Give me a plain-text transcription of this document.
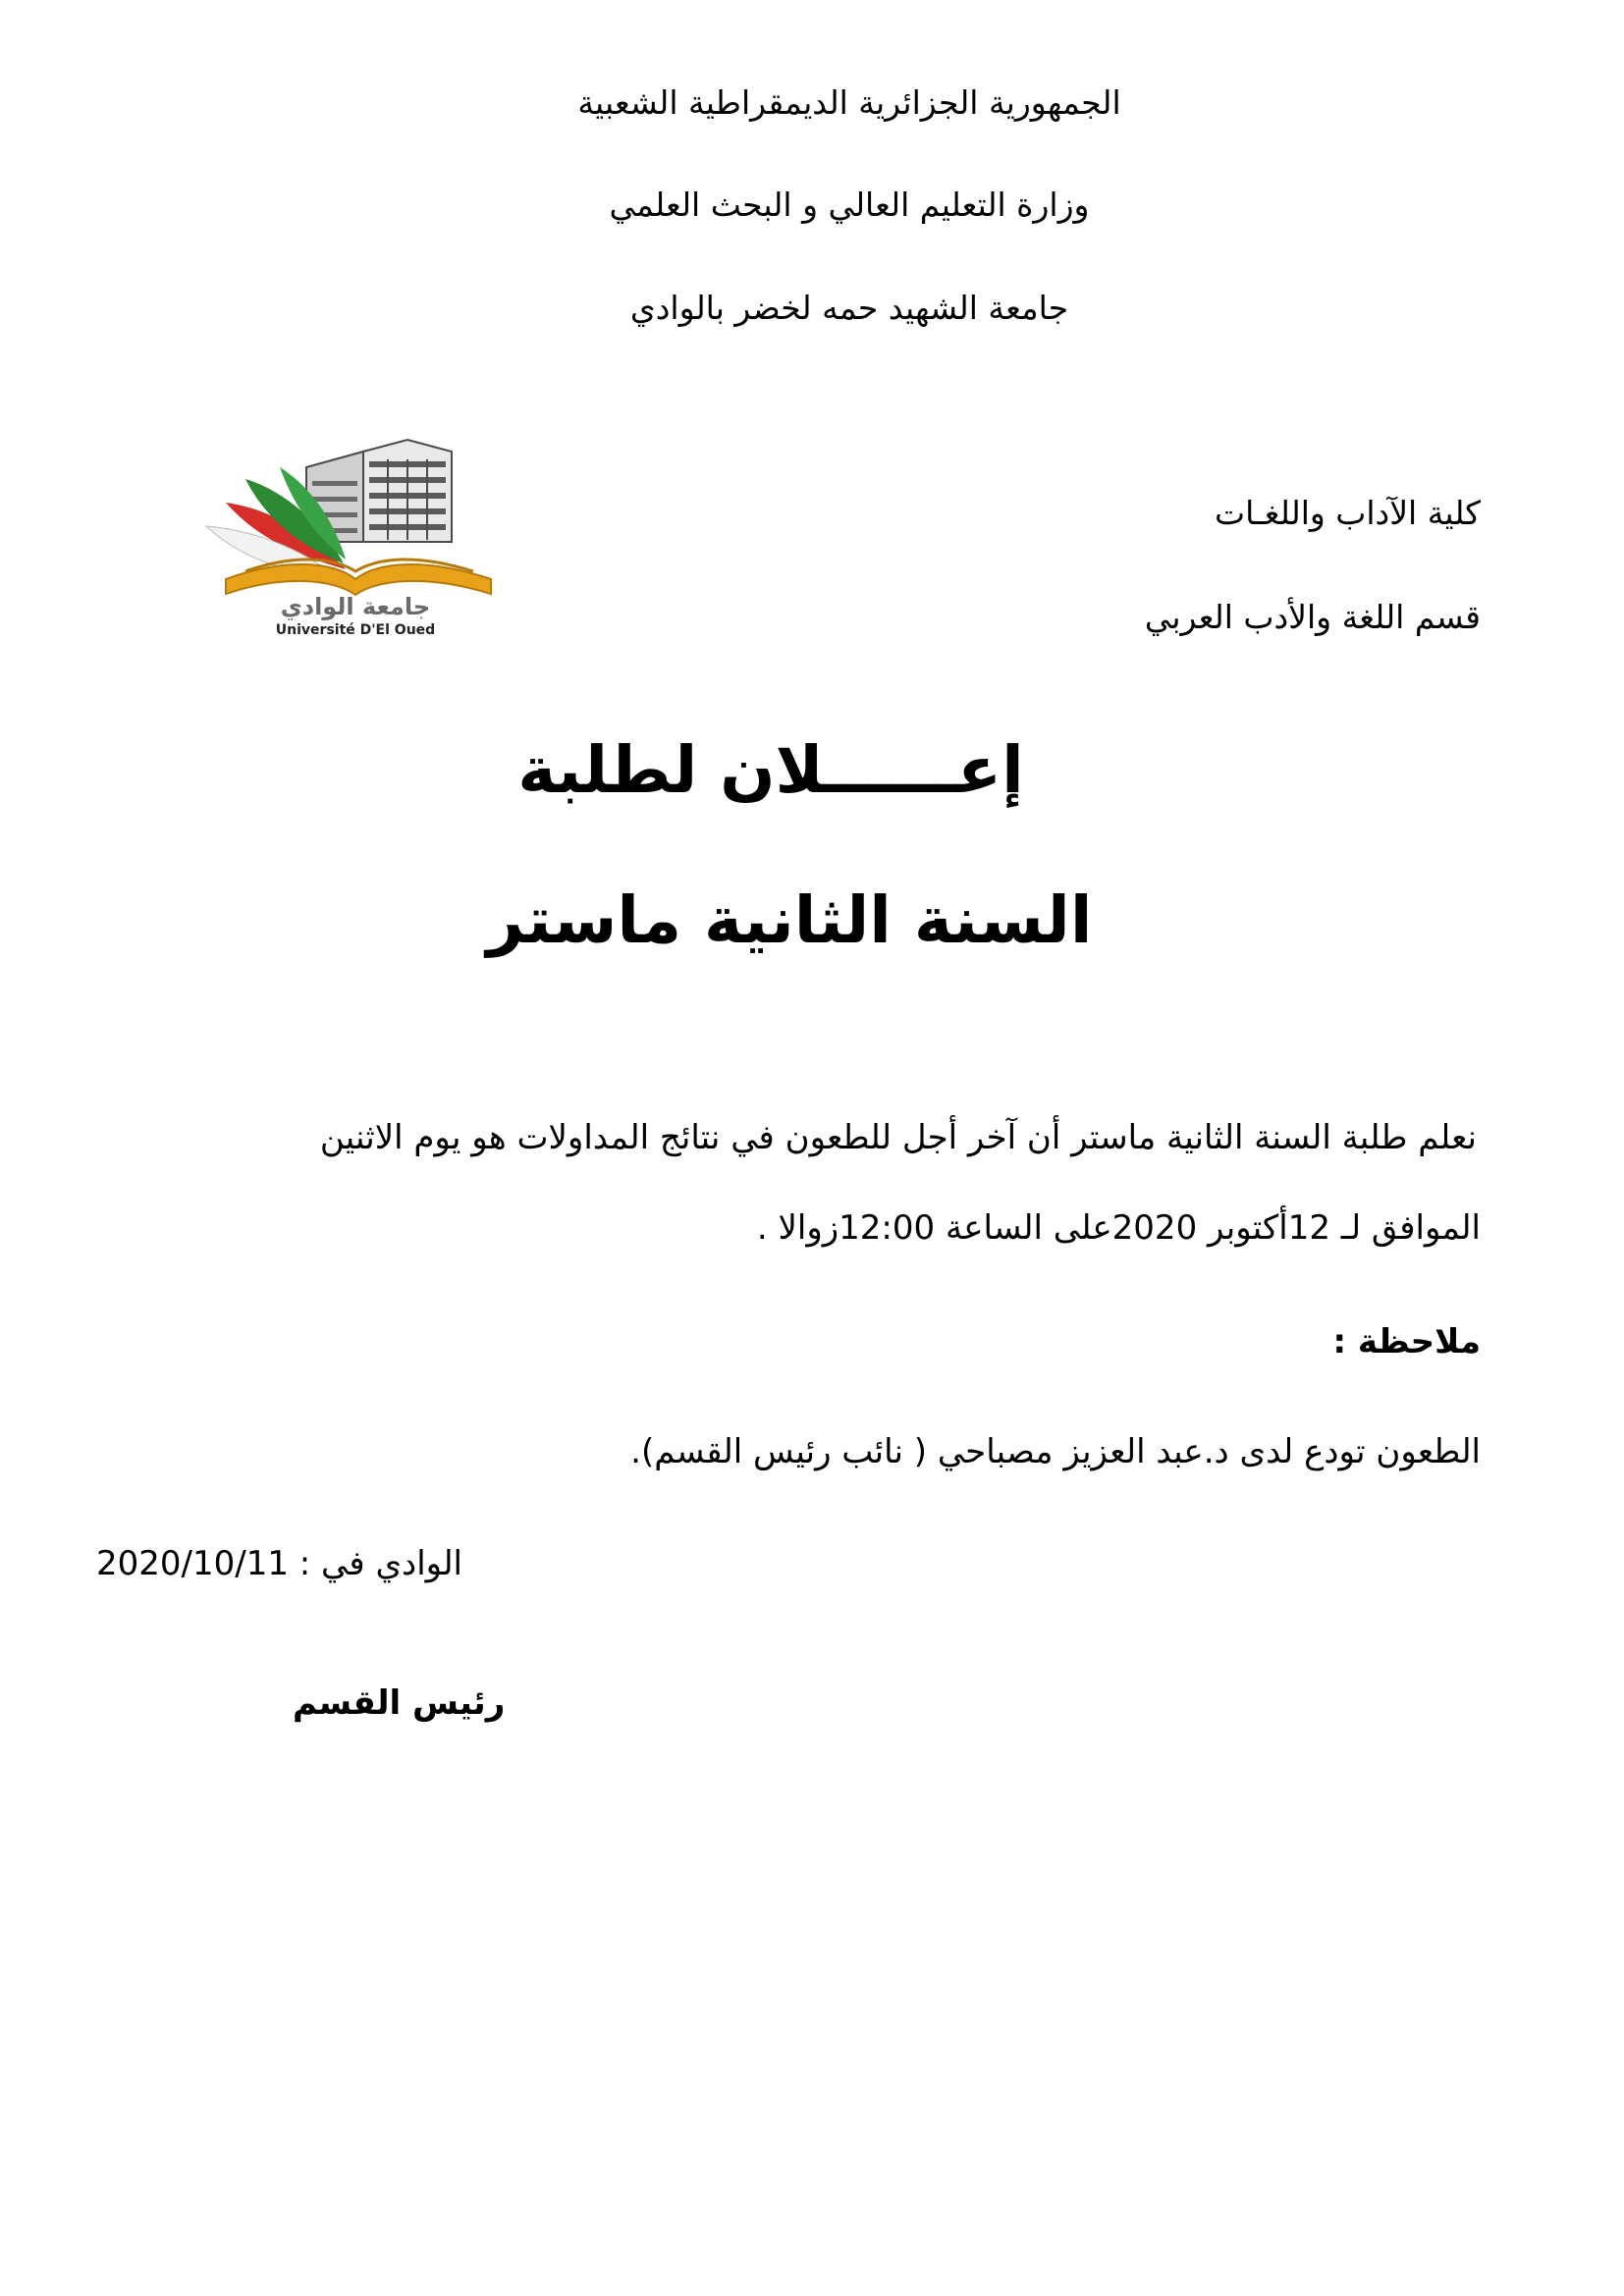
الجمهورية الجزائرية الديمقراطية الشعبية
وزارة التعليم العالي و البحث العلمي
جامعة الشهيد حمه لخضر بالوادي
كلية الآداب واللغـات
قسم اللغة والأدب العربي
جامعة الوادي
Université D'El Oued
إعــــــلان لطلبة
السنة الثانية ماستر
نعلم طلبة السنة الثانية ماستر أن آخر أجل للطعون في نتائج المداولات هو يوم الاثنين
الموافق لـ 12أكتوبر 2020على الساعة 12:00زوالا .
ملاحظة :
الطعون تودع لدى د.عبد العزيز مصباحي ( نائب رئيس القسم).
الوادي في : 2020/10/11
رئيس القسم
